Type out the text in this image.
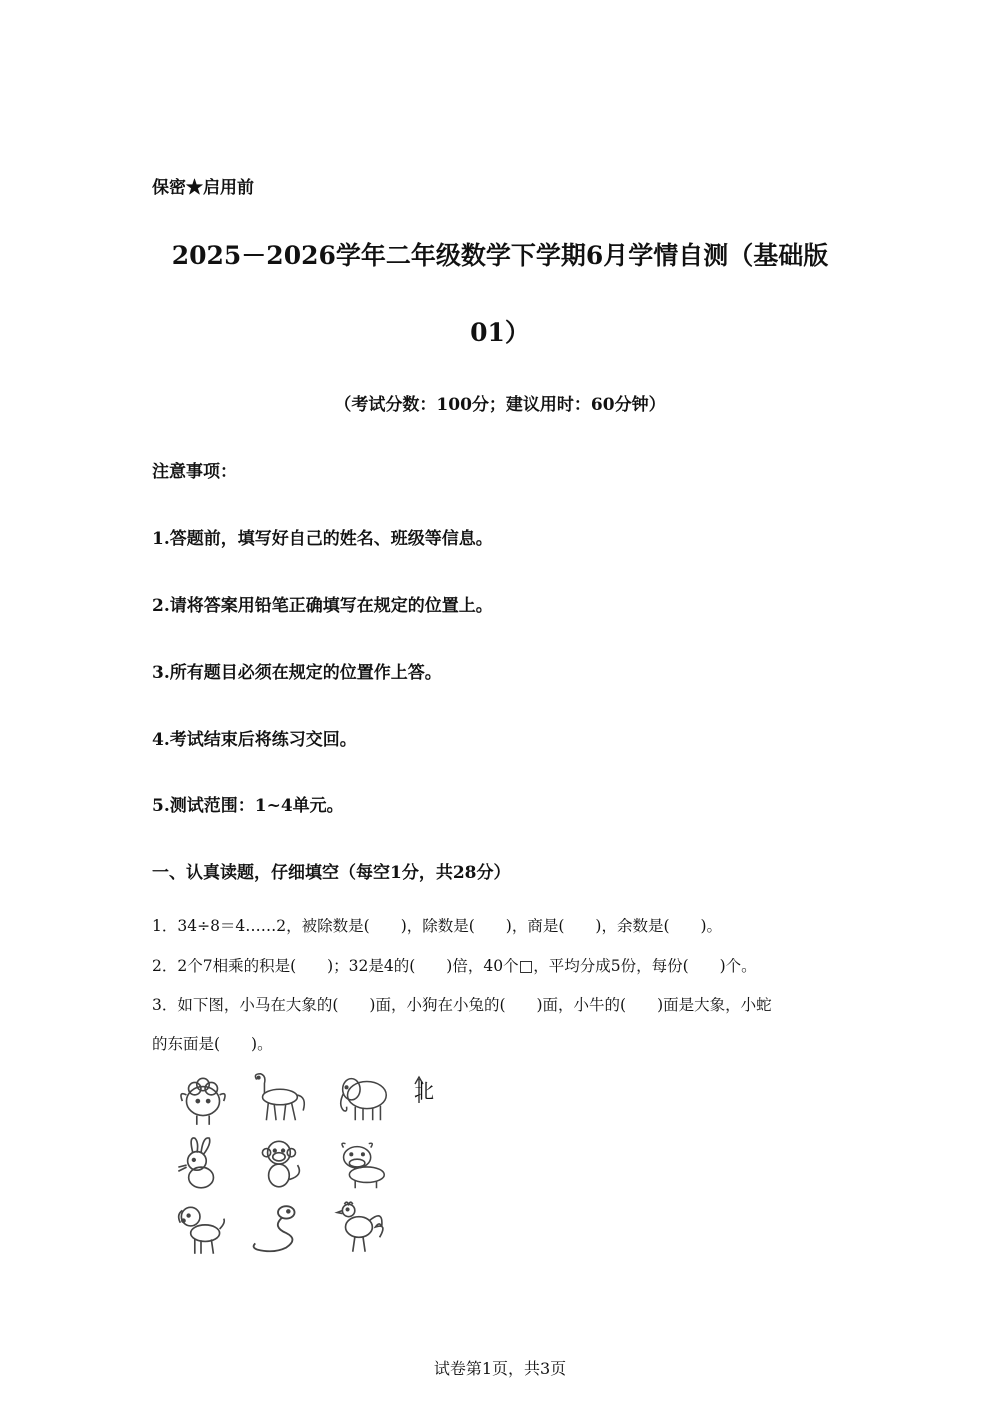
保密★启用前
2025－2026学年二年级数学下学期6月学情自测（基础版
01）
（考试分数：100分；建议用时：60分钟）
注意事项：
1.答题前，填写好自己的姓名、班级等信息。
2.请将答案用铅笔正确填写在规定的位置上。
3.所有题目必须在规定的位置作上答。
4.考试结束后将练习交回。
5.测试范围：1~4单元。
一、认真读题，仔细填空（每空1分，共28分）
1．34÷8＝4……2，被除数是(　　)，除数是(　　)，商是(　　)，余数是(　　)。
2．2个7相乘的积是(　　)；32是4的(　　)倍，40个□，平均分成5份，每份(　　)个。
3．如下图，小马在大象的(　　)面，小狗在小兔的(　　)面，小牛的(　　)面是大象，小蛇
的东面是(　　)。
北
试卷第1页，共3页
